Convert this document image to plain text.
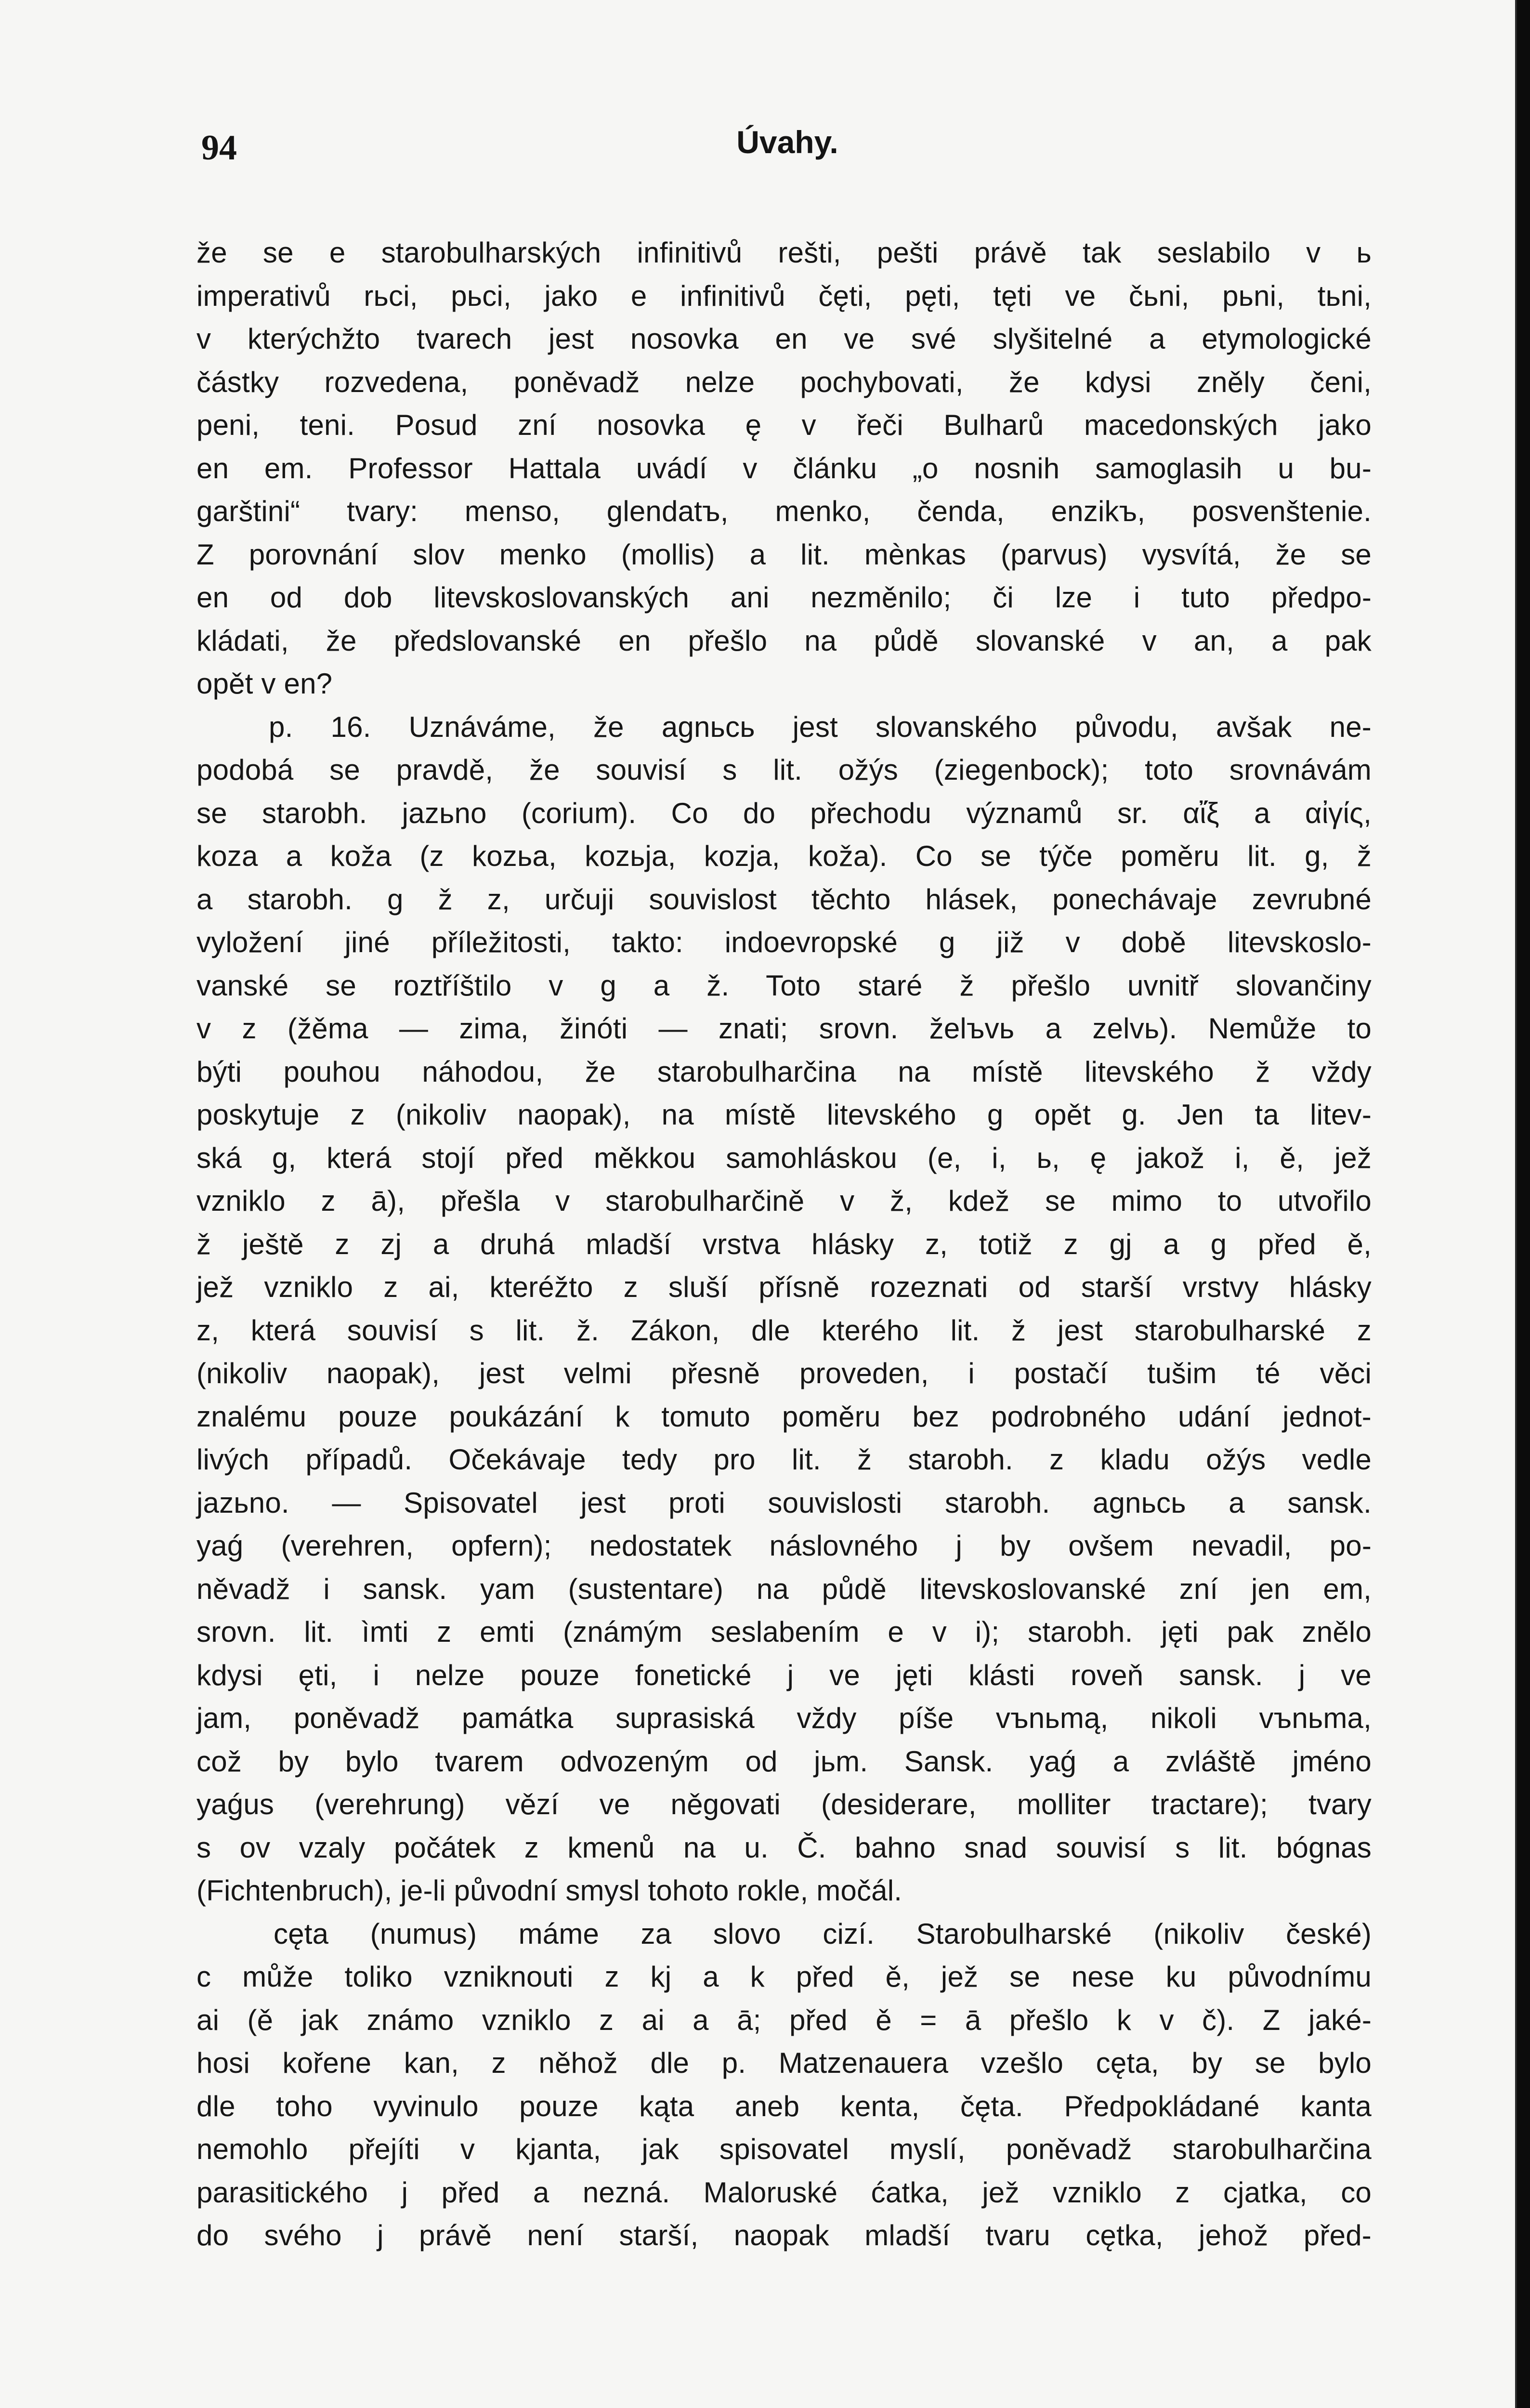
94	Úvahy.
že se e starobulharských infinitivů rešti, pešti právě tak seslabilo v ь
imperativů rьci, pьci, jako e infinitivů čęti, pęti, tęti ve čьni, pьni, tьni,
v kterýchžto tvarech jest nosovka en ve své slyšitelné a etymologické
částky rozvedena, poněvadž nelze pochybovati, že kdysi zněly čeni,
peni, teni. Posud zní nosovka ę v řeči Bulharů macedonských jako
en em. Professor Hattala uvádí v článku „o nosnih samoglasih u bu-
garštini“ tvary: menso, glendatъ, menko, čenda, enzikъ, posvenštenie.
Z porovnání slov menko (mollis) a lit. mènkas (parvus) vysvítá, že se
en od dob litevskoslovanských ani nezměnilo; či lze i tuto předpo-
kládati, že předslovanské en přešlo na půdě slovanské v an, a pak
opět v en?
p. 16. Uznáváme, že agnьcь jest slovanského původu, avšak ne-
podobá se pravdě, že souvisí s lit. ožýs (ziegenbock); toto srovnávám
se starobh. jazьno (corium). Co do přechodu významů sr. αἴξ a αἰγίς,
koza a koža (z kozьa, kozьja, kozja, koža). Co se týče poměru lit. g, ž
a starobh. g ž z, určuji souvislost těchto hlásek, ponechávaje zevrubné
vyložení jiné příležitosti, takto: indoevropské g již v době litevskoslo-
vanské se roztříštilo v g a ž. Toto staré ž přešlo uvnitř slovančiny
v z (žěma — zima, žinóti — znati; srovn. želъvь a zelvь). Nemůže to
býti pouhou náhodou, že starobulharčina na místě litevského ž vždy
poskytuje z (nikoliv naopak), na místě litevského g opět g. Jen ta litev-
ská g, která stojí před měkkou samohláskou (e, i, ь, ę jakož i, ě, jež
vzniklo z ā), přešla v starobulharčině v ž, kdež se mimo to utvořilo
ž ještě z zj a druhá mladší vrstva hlásky z, totiž z gj a g před ě,
jež vzniklo z ai, kteréžto z sluší přísně rozeznati od starší vrstvy hlásky
z, která souvisí s lit. ž. Zákon, dle kterého lit. ž jest starobulharské z
(nikoliv naopak), jest velmi přesně proveden, i postačí tušim té věci
znalému pouze poukázání k tomuto poměru bez podrobného udání jednot-
livých případů. Očekávaje tedy pro lit. ž starobh. z kladu ožýs vedle
jazьno. — Spisovatel jest proti souvislosti starobh. agnьcь a sansk.
yaǵ (verehren, opfern); nedostatek náslovného j by ovšem nevadil, po-
něvadž i sansk. yam (sustentare) na půdě litevskoslovanské zní jen em,
srovn. lit. ìmti z emti (známým seslabením e v i); starobh. jęti pak znělo
kdysi ęti, i nelze pouze fonetické j ve jęti klásti roveň sansk. j ve
jam, poněvadž památka suprasiská vždy píše vъnьmą, nikoli vъnьma,
což by bylo tvarem odvozeným od jьm. Sansk. yaǵ a zvláště jméno
yaǵus (verehrung) vězí ve něgovati (desiderare, molliter tractare); tvary
s ov vzaly počátek z kmenů na u. Č. bahno snad souvisí s lit. bógnas
(Fichtenbruch), je-li původní smysl tohoto rokle, močál.
cęta (numus) máme za slovo cizí. Starobulharské (nikoliv české)
c může toliko vzniknouti z kj a k před ě, jež se nese ku původnímu
ai (ě jak známo vzniklo z ai a ā; před ě = ā přešlo k v č). Z jaké-
hosi kořene kan, z něhož dle p. Matzenauera vzešlo cęta, by se bylo
dle toho vyvinulo pouze kąta aneb kenta, čęta. Předpokládané kanta
nemohlo přejíti v kjanta, jak spisovatel myslí, poněvadž starobulharčina
parasitického j před a nezná. Maloruské ćatka, jež vzniklo z cjatka, co
do svého j právě není starší, naopak mladší tvaru cętka, jehož před-
